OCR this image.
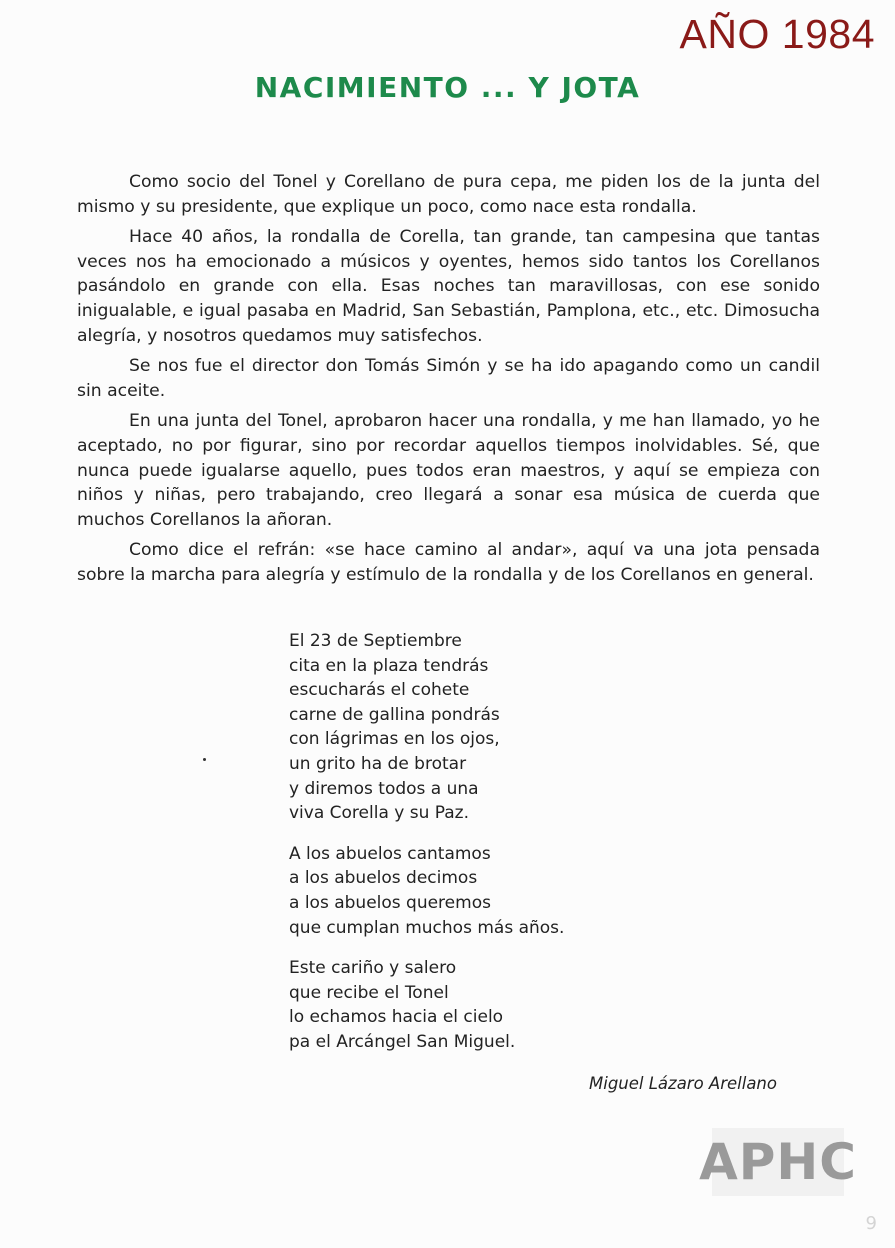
AÑO 1984
NACIMIENTO ... Y JOTA

Como socio del Tonel y Corellano de pura cepa, me piden los de la junta del mismo y su presidente, que explique un poco, como nace esta rondalla.

Hace 40 años, la rondalla de Corella, tan grande, tan campesina que tantas veces nos ha emocionado a músicos y oyentes, hemos sido tantos los Corellanos pasándolo en grande con ella. Esas noches tan maravillosas, con ese sonido inigualable, e igual pasaba en Madrid, San Sebastián, Pamplona, etc., etc. Dimosucha alegría, y nosotros quedamos muy satisfechos.

Se nos fue el director don Tomás Simón y se ha ido apagando como un candil sin aceite.

En una junta del Tonel, aprobaron hacer una rondalla, y me han llamado, yo he aceptado, no por figurar, sino por recordar aquellos tiempos inolvidables. Sé, que nunca puede igualarse aquello, pues todos eran maestros, y aquí se empieza con niños y niñas, pero trabajando, creo llegará a sonar esa música de cuerda que muchos Corellanos la añoran.

Como dice el refrán: «se hace camino al andar», aquí va una jota pensada sobre la marcha para alegría y estímulo de la rondalla y de los Corellanos en general.

El 23 de Septiembre
cita en la plaza tendrás
escucharás el cohete
carne de gallina pondrás
con lágrimas en los ojos,
un grito ha de brotar
y diremos todos a una
viva Corella y su Paz.
A los abuelos cantamos
a los abuelos decimos
a los abuelos queremos
que cumplan muchos más años.
Este cariño y salero
que recibe el Tonel
lo echamos hacia el cielo
pa el Arcángel San Miguel.
Miguel Lázaro Arellano
APHC
9
